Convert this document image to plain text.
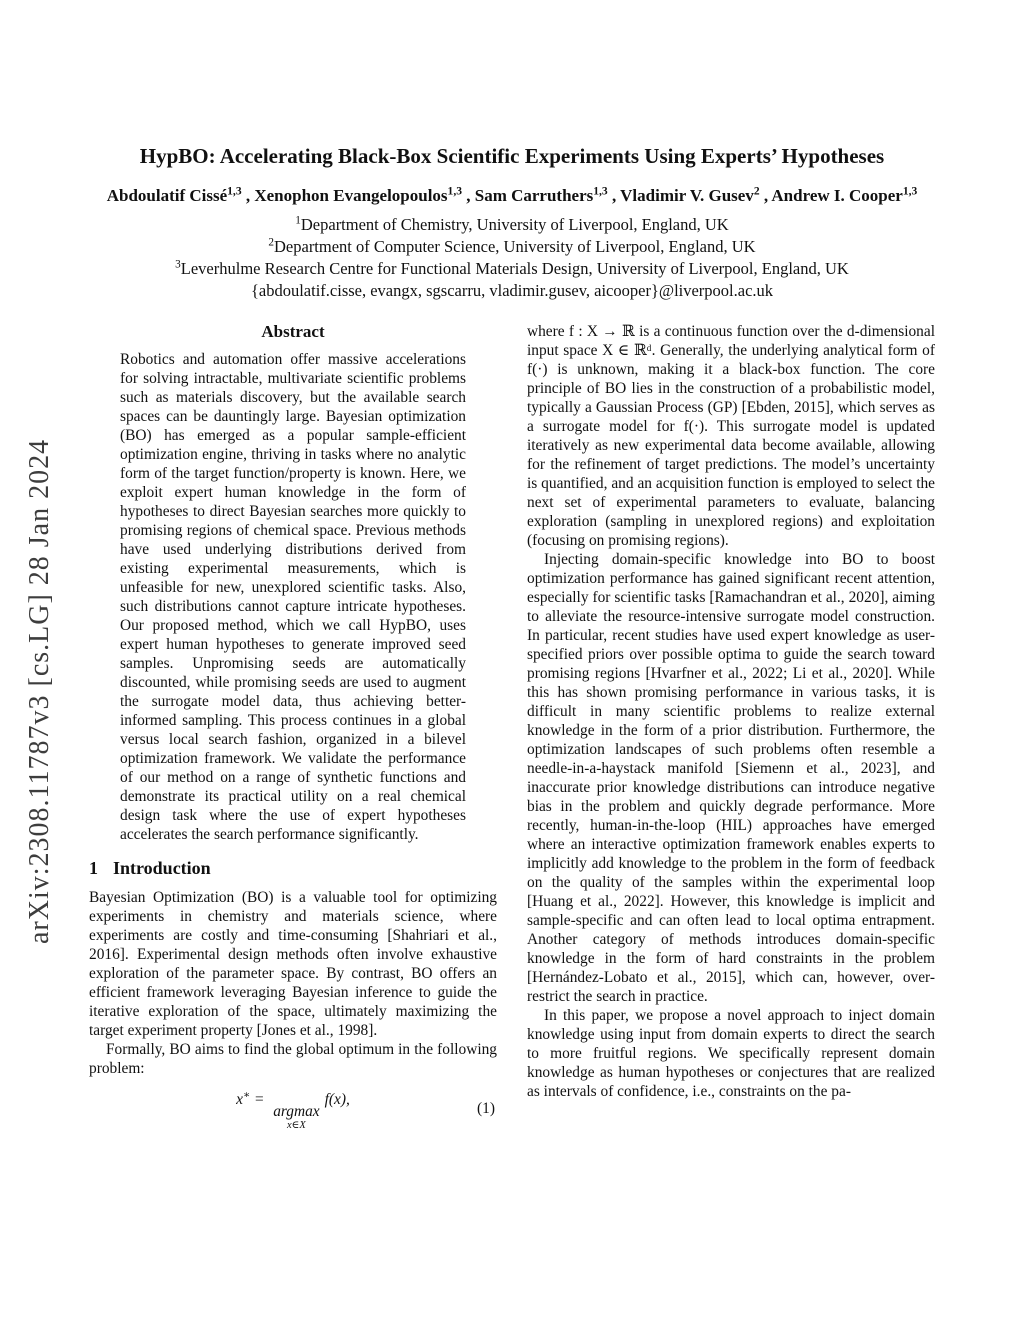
arXiv:2308.11787v3 [cs.LG] 28 Jan 2024
HypBO: Accelerating Black-Box Scientific Experiments Using Experts’ Hypotheses
Abdoulatif Cissé$^{1,3}$ , Xenophon Evangelopoulos$^{1,3}$ , Sam Carruthers$^{1,3}$ , Vladimir V. Gusev$^2$ , Andrew I. Cooper$^{1,3}$
$^1$Department of Chemistry, University of Liverpool, England, UK
$^2$Department of Computer Science, University of Liverpool, England, UK
$^3$Leverhulme Research Centre for Functional Materials Design, University of Liverpool, England, UK
{abdoulatif.cisse, evangx, sgscarru, vladimir.gusev, aicooper}@liverpool.ac.uk
Abstract

Robotics and automation offer massive accelerations for solving intractable, multivariate scientific problems such as materials discovery, but the available search spaces can be dauntingly large. Bayesian optimization (BO) has emerged as a popular sample-efficient optimization engine, thriving in tasks where no analytic form of the target function/property is known. Here, we exploit expert human knowledge in the form of hypotheses to direct Bayesian searches more quickly to promising regions of chemical space. Previous methods have used underlying distributions derived from existing experimental measurements, which is unfeasible for new, unexplored scientific tasks. Also, such distributions cannot capture intricate hypotheses. Our proposed method, which we call HypBO, uses expert human hypotheses to generate improved seed samples. Unpromising seeds are automatically discounted, while promising seeds are used to augment the surrogate model data, thus achieving better-informed sampling. This process continues in a global versus local search fashion, organized in a bilevel optimization framework. We validate the performance of our method on a range of synthetic functions and demonstrate its practical utility on a real chemical design task where the use of expert hypotheses accelerates the search performance significantly.

1 Introduction

Bayesian Optimization (BO) is a valuable tool for optimizing experiments in chemistry and materials science, where experiments are costly and time-consuming [Shahriari et al., 2016]. Experimental design methods often involve exhaustive exploration of the parameter space. By contrast, BO offers an efficient framework leveraging Bayesian inference to guide the iterative exploration of the space, ultimately maximizing the target experiment property [Jones et al., 1998].

Formally, BO aims to find the global optimum in the following problem:

x∗ =
argmax
x∈X
f(x),
(1)

where f : X → ℝ is a continuous function over the d-dimensional input space X ∈ ℝᵈ. Generally, the underlying analytical form of f(·) is unknown, making it a black-box function. The core principle of BO lies in the construction of a probabilistic model, typically a Gaussian Process (GP) [Ebden, 2015], which serves as a surrogate model for f(·). This surrogate model is updated iteratively as new experimental data become available, allowing for the refinement of target predictions. The model’s uncertainty is quantified, and an acquisition function is employed to select the next set of experimental parameters to evaluate, balancing exploration (sampling in unexplored regions) and exploitation (focusing on promising regions).

Injecting domain-specific knowledge into BO to boost optimization performance has gained significant recent attention, especially for scientific tasks [Ramachandran et al., 2020], aiming to alleviate the resource-intensive surrogate model construction. In particular, recent studies have used expert knowledge as user-specified priors over possible optima to guide the search toward promising regions [Hvarfner et al., 2022; Li et al., 2020]. While this has shown promising performance in various tasks, it is difficult in many scientific problems to realize external knowledge in the form of a prior distribution. Furthermore, the optimization landscapes of such problems often resemble a needle-in-a-haystack manifold [Siemenn et al., 2023], and inaccurate prior knowledge distributions can introduce negative bias in the problem and quickly degrade performance. More recently, human-in-the-loop (HIL) approaches have emerged where an interactive optimization framework enables experts to implicitly add knowledge to the problem in the form of feedback on the quality of the samples within the experimental loop [Huang et al., 2022]. However, this knowledge is implicit and sample-specific and can often lead to local optima entrapment. Another category of methods introduces domain-specific knowledge in the form of hard constraints in the problem [Hernández-Lobato et al., 2015], which can, however, over-restrict the search in practice.

In this paper, we propose a novel approach to inject domain knowledge using input from domain experts to direct the search to more fruitful regions. We specifically represent domain knowledge as human hypotheses or conjectures that are realized as intervals of confidence, i.e., constraints on the pa-
